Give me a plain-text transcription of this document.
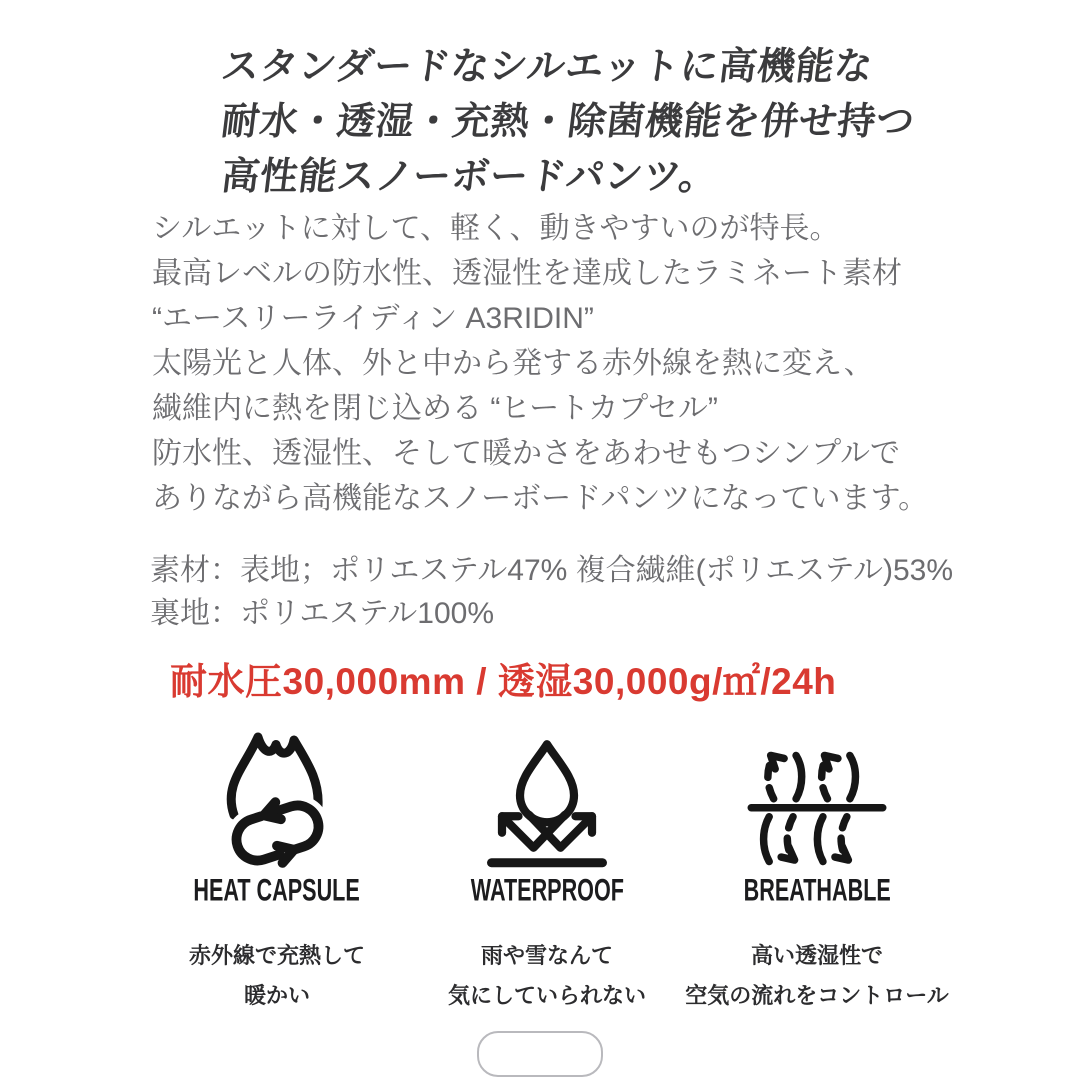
スタンダードなシルエットに高機能な
耐水・透湿・充熱・除菌機能を併せ持つ
高性能スノーボードパンツ。
シルエットに対して、軽く、動きやすいのが特長。
最高レベルの防水性、透湿性を達成したラミネート素材
“エースリーライディン A3RIDIN”
太陽光と人体、外と中から発する赤外線を熱に変え、
繊維内に熱を閉じ込める “ヒートカプセル”
防水性、透湿性、そして暖かさをあわせもつシンプルで
ありながら高機能なスノーボードパンツになっています。
素材：表地；ポリエステル47% 複合繊維(ポリエステル)53%
裏地：ポリエステル100%
耐水圧30,000mm / 透湿30,000g/㎡/24h
HEAT CAPSULE
赤外線で充熱して
暖かい
WATERPROOF
雨や雪なんて
気にしていられない
BREATHABLE
高い透湿性で
空気の流れをコントロール
